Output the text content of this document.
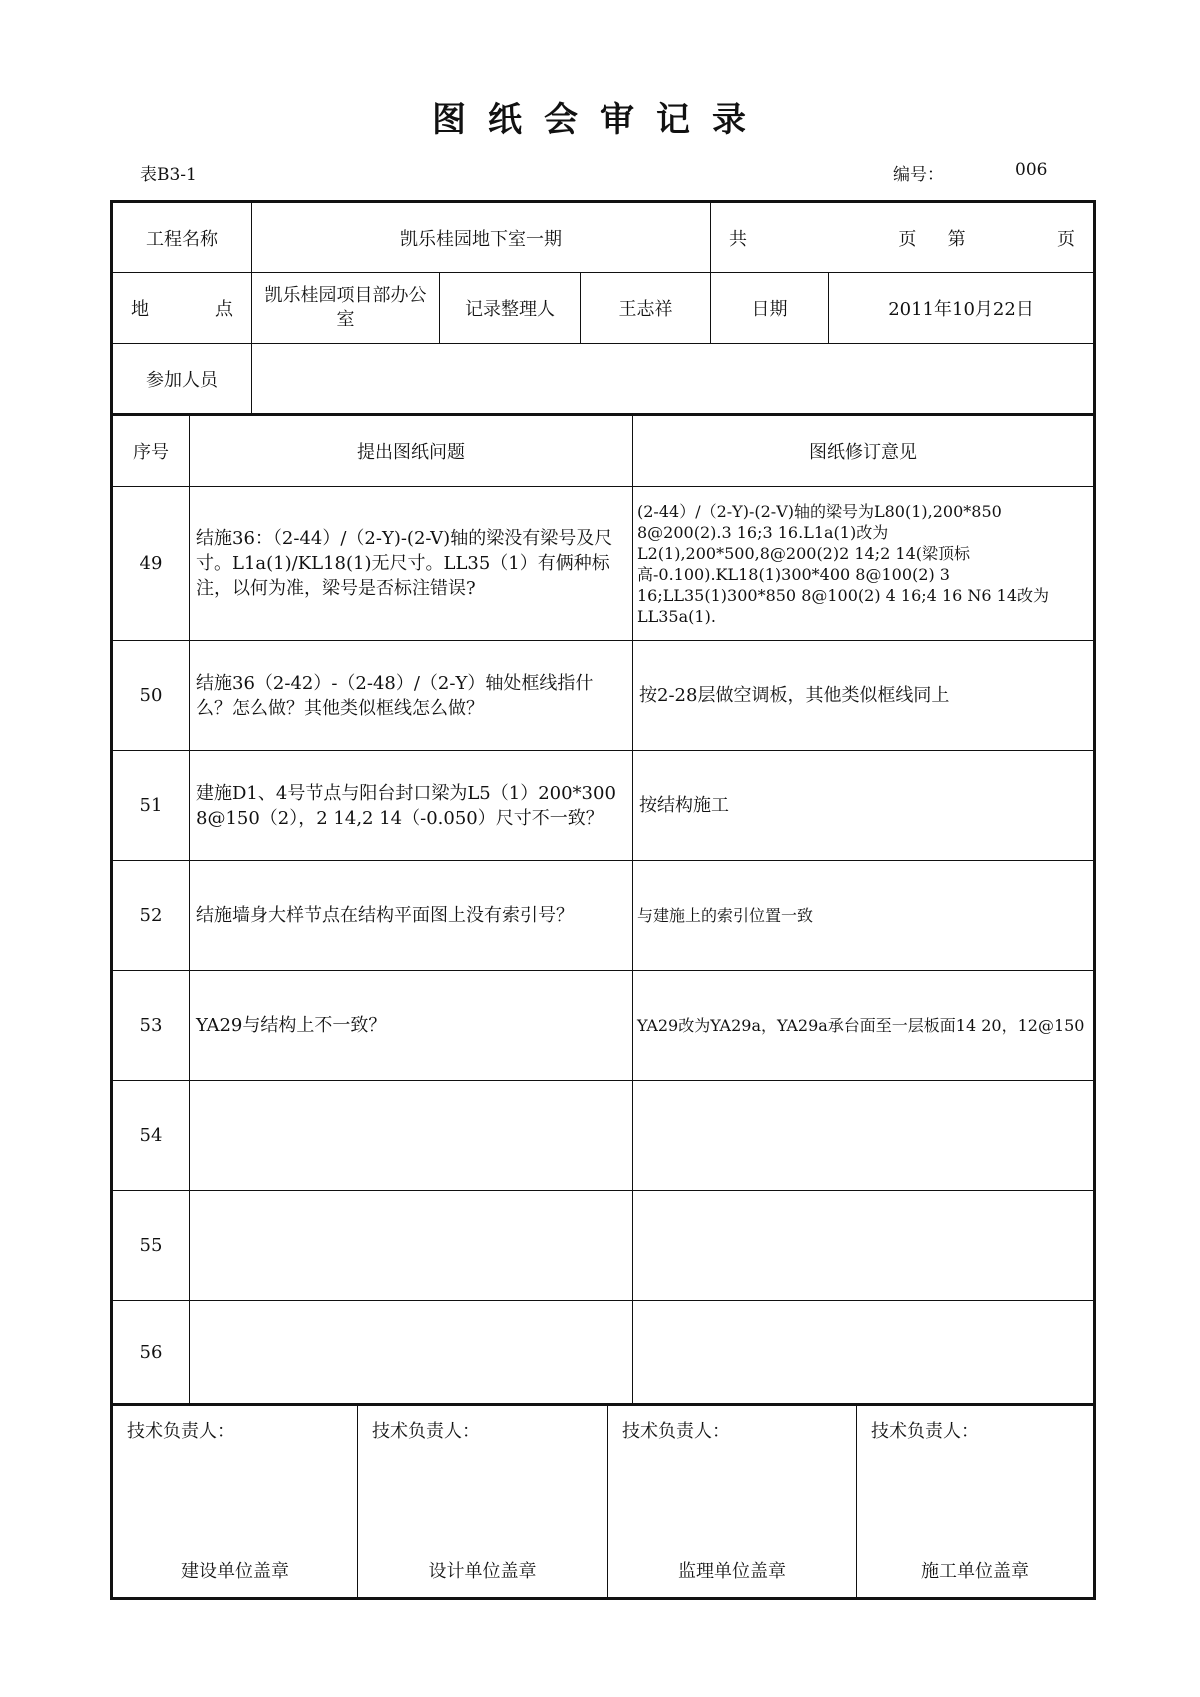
图纸会审记录
表B3-1	编号：	006
工程名称	凯乐桂园地下室一期			共 页 第 页	

地　　点	凯乐桂园项目部办公室	记录整理人	王志祥	日期	2011年10月22日
参加人员					
序号	提出图纸问题	图纸修订意见
49	结施36：（2-44）/（2-Y)-(2-V)轴的梁没有梁号及尺寸。L1a(1)/KL18(1)无尺寸。LL35（1）有俩种标注，以何为准，梁号是否标注错误?	(2-44）/（2-Y)-(2-V)轴的梁号为L80(1),200*850 8@200(2).3 16;3 16.L1a(1)改为L2(1),200*500,8@200(2)2 14;2 14(梁顶标高-0.100).KL18(1)300*400 8@100(2) 3 16;LL35(1)300*850 8@100(2) 4 16;4 16 N6 14改为LL35a(1).
50	结施36（2-42）-（2-48）/（2-Y）轴处框线指什么？怎么做？其他类似框线怎么做？	按2-28层做空调板，其他类似框线同上
51	建施D1、4号节点与阳台封口梁为L5（1）200*300 8@150（2），2 14,2 14（-0.050）尺寸不一致？	按结构施工
52	结施墙身大样节点在结构平面图上没有索引号？	与建施上的索引位置一致
53	YA29与结构上不一致？	YA29改为YA29a，YA29a承台面至一层板面14 20，12@150
54		
55		
56		
技术负责人：
建设单位盖章

技术负责人：
设计单位盖章

技术负责人：
监理单位盖章

技术负责人：
施工单位盖章
